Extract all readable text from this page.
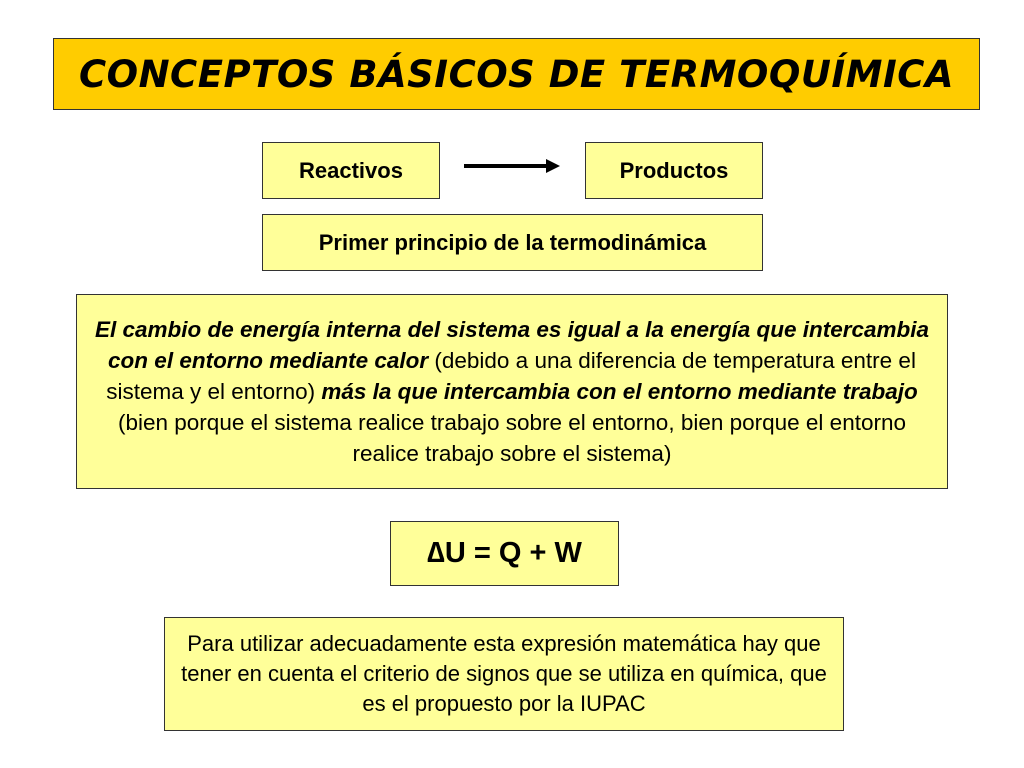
CONCEPTOS BÁSICOS DE TERMOQUÍMICA
Reactivos	Productos
Primer principio de la termodinámica
El cambio de energía interna del sistema es igual a la energía que intercambia con el entorno mediante calor (debido a una diferencia de temperatura entre el sistema y el entorno) más la que intercambia con el entorno mediante trabajo (bien porque el sistema realice trabajo sobre el entorno, bien porque el entorno realice trabajo sobre el sistema)
∆U = Q + W
Para utilizar adecuadamente esta expresión matemática hay que tener en cuenta el criterio de signos que se utiliza en química, que es el propuesto por la IUPAC
